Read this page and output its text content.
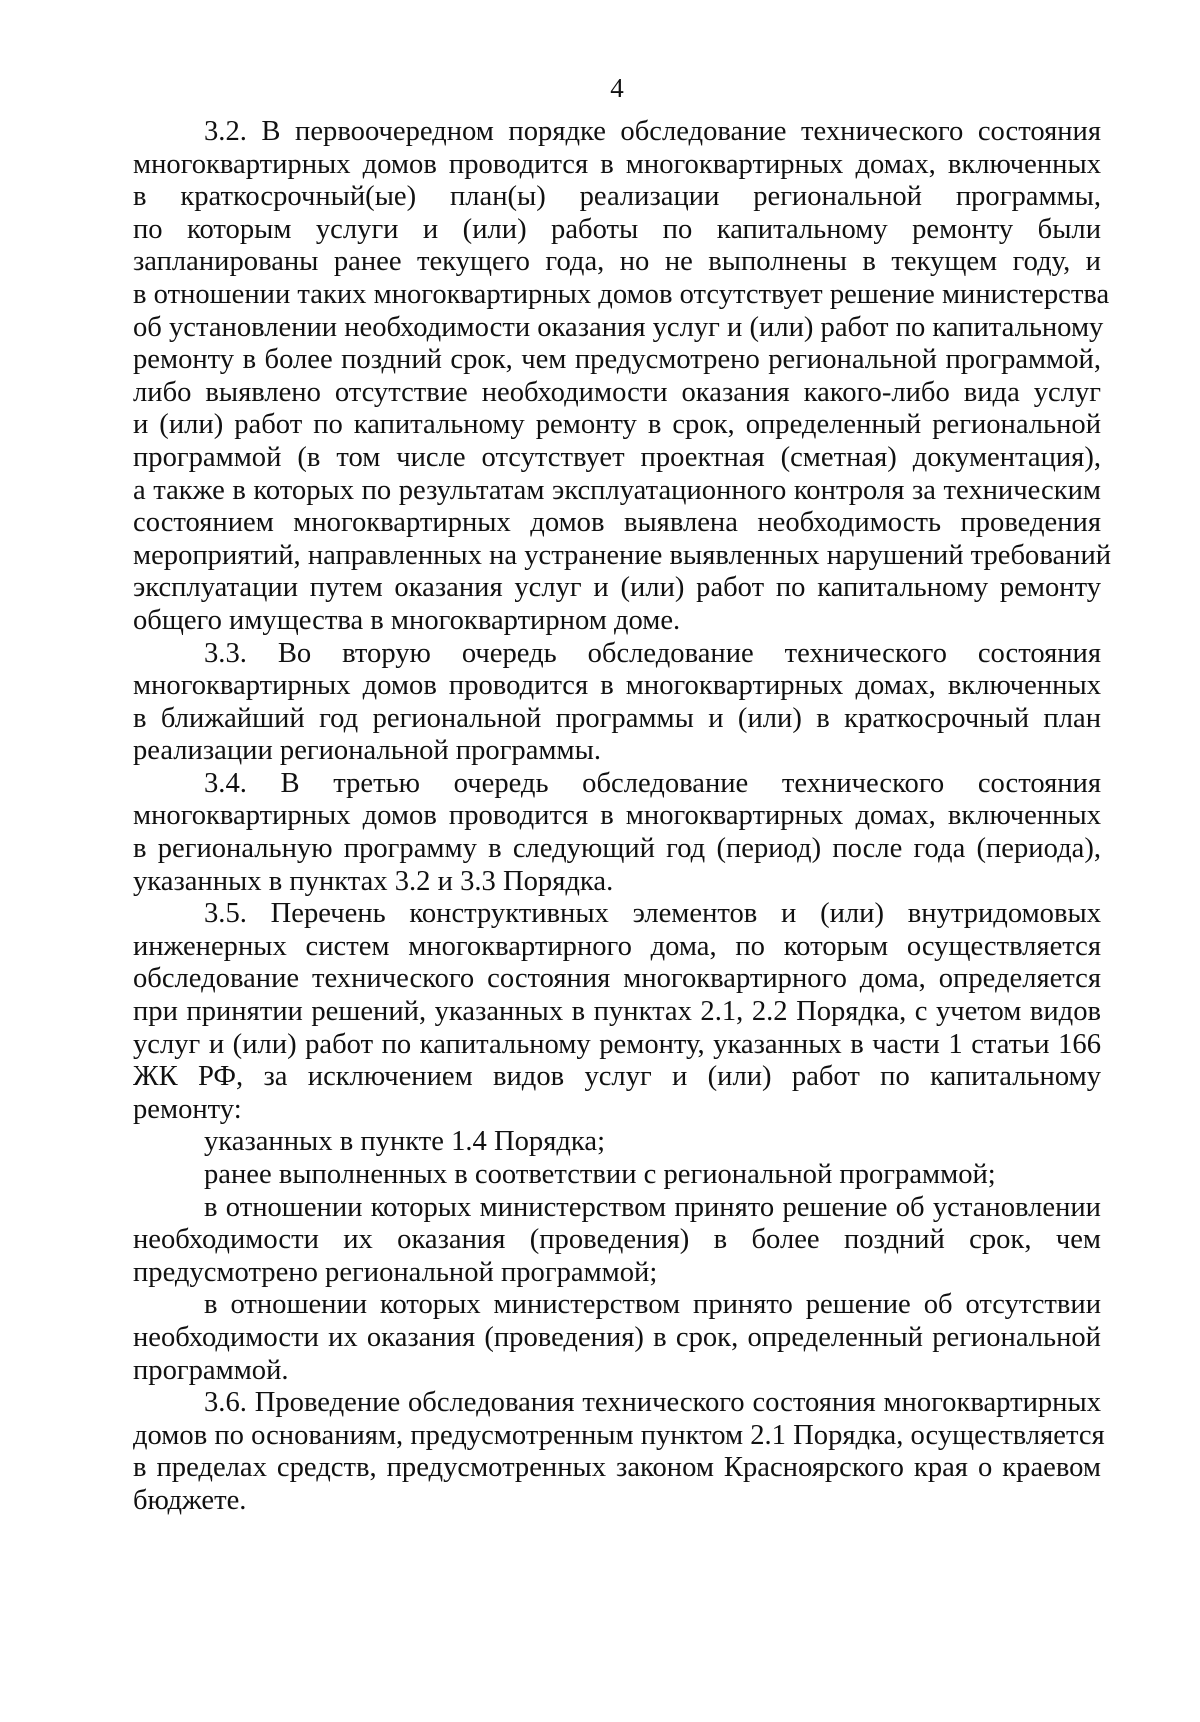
4
3.2. В первоочередном порядке обследование технического состояния
многоквартирных домов проводится в многоквартирных домах, включенных
в краткосрочный(ые) план(ы) реализации региональной программы,
по которым услуги и (или) работы по капитальному ремонту были
запланированы ранее текущего года, но не выполнены в текущем году, и
в отношении таких многоквартирных домов отсутствует решение министерства
об установлении необходимости оказания услуг и (или) работ по капитальному
ремонту в более поздний срок, чем предусмотрено региональной программой,
либо выявлено отсутствие необходимости оказания какого-либо вида услуг
и (или) работ по капитальному ремонту в срок, определенный региональной
программой (в том числе отсутствует проектная (сметная) документация),
а также в которых по результатам эксплуатационного контроля за техническим
состоянием многоквартирных домов выявлена необходимость проведения
мероприятий, направленных на устранение выявленных нарушений требований
эксплуатации путем оказания услуг и (или) работ по капитальному ремонту
общего имущества в многоквартирном доме.
3.3. Во вторую очередь обследование технического состояния
многоквартирных домов проводится в многоквартирных домах, включенных
в ближайший год региональной программы и (или) в краткосрочный план
реализации региональной программы.
3.4. В третью очередь обследование технического состояния
многоквартирных домов проводится в многоквартирных домах, включенных
в региональную программу в следующий год (период) после года (периода),
указанных в пунктах 3.2 и 3.3 Порядка.
3.5. Перечень конструктивных элементов и (или) внутридомовых
инженерных систем многоквартирного дома, по которым осуществляется
обследование технического состояния многоквартирного дома, определяется
при принятии решений, указанных в пунктах 2.1, 2.2 Порядка, с учетом видов
услуг и (или) работ по капитальному ремонту, указанных в части 1 статьи 166
ЖК РФ, за исключением видов услуг и (или) работ по капитальному
ремонту:
указанных в пункте 1.4 Порядка;
ранее выполненных в соответствии с региональной программой;
в отношении которых министерством принято решение об установлении
необходимости их оказания (проведения) в более поздний срок, чем
предусмотрено региональной программой;
в отношении которых министерством принято решение об отсутствии
необходимости их оказания (проведения) в срок, определенный региональной
программой.
3.6. Проведение обследования технического состояния многоквартирных
домов по основаниям, предусмотренным пунктом 2.1 Порядка, осуществляется
в пределах средств, предусмотренных законом Красноярского края о краевом
бюджете.
